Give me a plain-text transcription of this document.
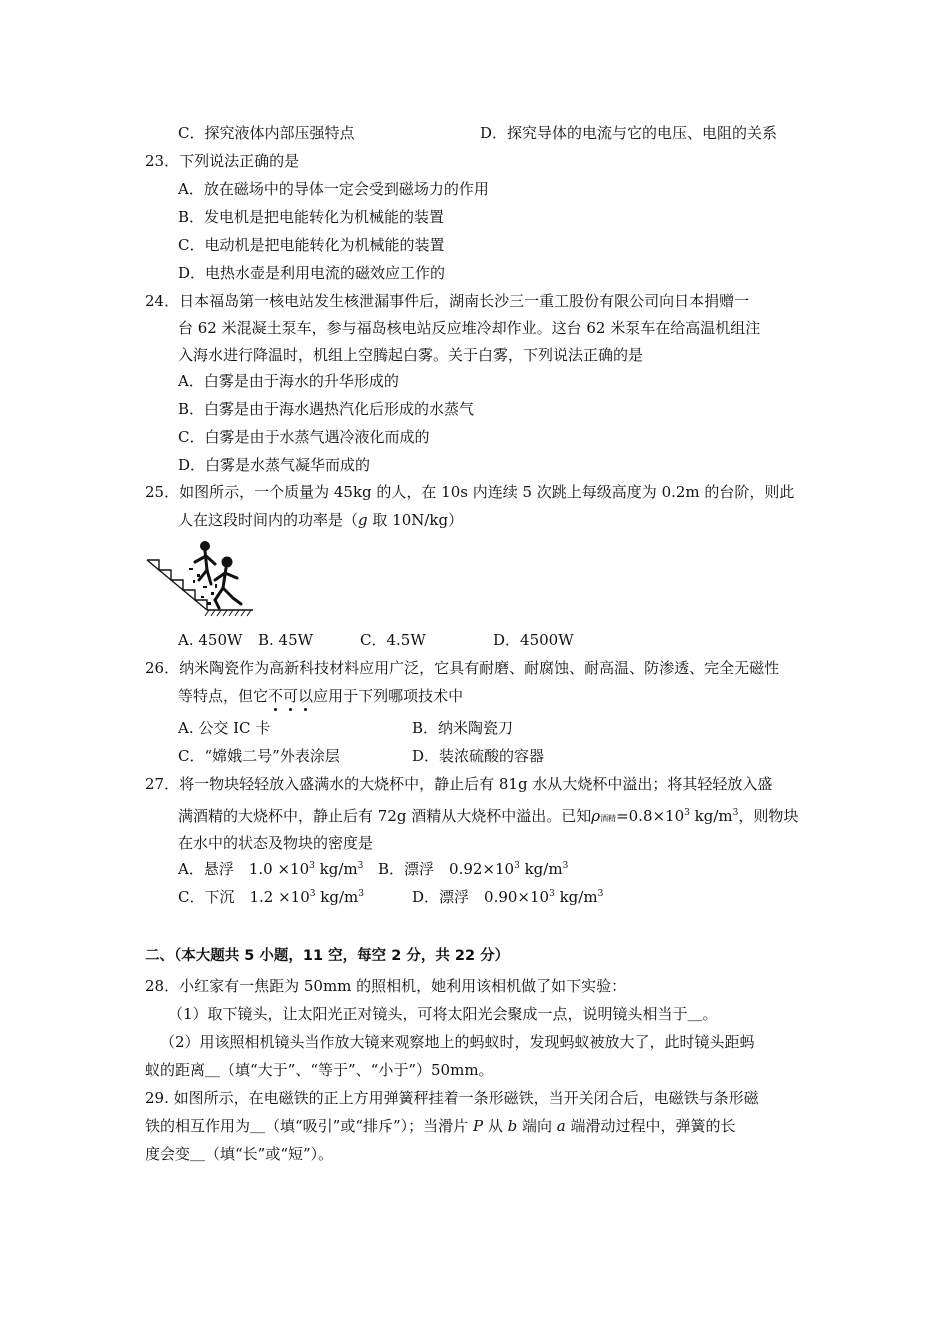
C．探究液体内部压强特点	D．探究导体的电流与它的电压、电阻的关系
23．下列说法正确的是
A．放在磁场中的导体一定会受到磁场力的作用
B．发电机是把电能转化为机械能的装置
C．电动机是把电能转化为机械能的装置
D．电热水壶是利用电流的磁效应工作的
24．日本福岛第一核电站发生核泄漏事件后，湖南长沙三一重工股份有限公司向日本捐赠一
台 62 米混凝土泵车，参与福岛核电站反应堆冷却作业。这台 62 米泵车在给高温机组注
入海水进行降温时，机组上空腾起白雾。关于白雾，下列说法正确的是
A．白雾是由于海水的升华形成的
B．白雾是由于海水遇热汽化后形成的水蒸气
C．白雾是由于水蒸气遇冷液化而成的
D．白雾是水蒸气凝华而成的
25．如图所示，一个质量为 45kg 的人，在 10s 内连续 5 次跳上每级高度为 0.2m 的台阶，则此
人在这段时间内的功率是（g 取 10N/kg）
A. 450W B. 45W	C．4.5W	D．4500W
26．纳米陶瓷作为高新科技材料应用广泛，它具有耐磨、耐腐蚀、耐高温、防渗透、完全无磁性
等特点，但它不可以应用于下列哪项技术中
A. 公交 IC 卡	B．纳米陶瓷刀
C．“嫦娥二号”外表涂层	D．装浓硫酸的容器
27．将一物块轻轻放入盛满水的大烧杯中，静止后有 81g 水从大烧杯中溢出；将其轻轻放入盛
满酒精的大烧杯中，静止后有 72g 酒精从大烧杯中溢出。已知ρ酒精$=0.8\times 10^3$ $kg/m^3$，则物块
在水中的状态及物块的密度是
A．悬浮　$1.0 \times 10^3$ $kg/m^3$ B．漂浮　$0.92\times 10^3$ $kg/m^3$
C．下沉　$1.2 \times 10^3$ $kg/m^3$	D．漂浮　$0.90\times 10^3$ $kg/m^3$
二、（本大题共 5 小题，11 空，每空 2 分，共 22 分）
28．小红家有一焦距为 50mm 的照相机，她利用该相机做了如下实验：
（1）取下镜头，让太阳光正对镜头，可将太阳光会聚成一点，说明镜头相当于＿。
（2）用该照相机镜头当作放大镜来观察地上的蚂蚁时，发现蚂蚁被放大了，此时镜头距蚂
蚁的距离＿（填“大于”、“等于”、“小于”）50mm。
29. 如图所示，在电磁铁的正上方用弹簧秤挂着一条形磁铁，当开关闭合后，电磁铁与条形磁
铁的相互作用为＿（填“吸引”或“排斥”）；当滑片 P 从 b 端向 a 端滑动过程中，弹簧的长
度会变＿（填“长”或“短”）。
